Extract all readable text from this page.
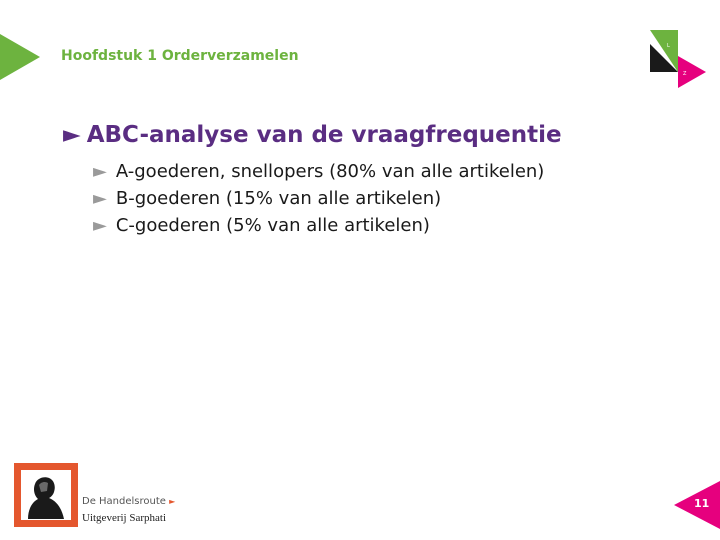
Hoofdstuk 1 Orderverzamelen
L
Z
► ABC-analyse van de vraagfrequentie
► A-goederen, snellopers (80% van alle artikelen)
► B-goederen (15% van alle artikelen)
► C-goederen (5% van alle artikelen)
De Handelsroute ►
Uitgeverij Sarphati
11
